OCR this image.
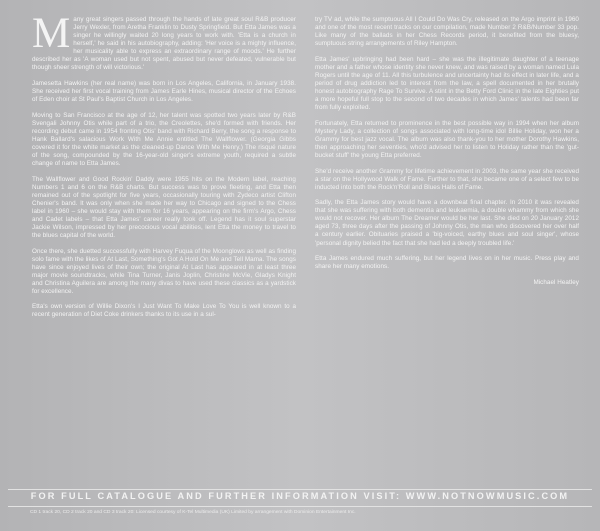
Many great singers passed through the hands of late great soul R&B producer Jerry Wexler, from Aretha Franklin to Dusty Springfield. But Etta James was a singer he willingly waited 20 long years to work with. 'Etta is a church in herself,' he said in his autobiography, adding: 'Her voice is a mighty influence, her musicality able to express an extraordinary range of moods.' He further described her as 'A woman used but not spent, abused but never defeated, vulnerable but though sheer strength of will victorious.'

Jamesetta Hawkins (her real name) was born in Los Angeles, California, in January 1938. She received her first vocal training from James Earle Hines, musical director of the Echoes of Eden choir at St Paul's Baptist Church in Los Angeles.

Moving to San Francisco at the age of 12, her talent was spotted two years later by R&B Svengali Johnny Otis while part of a trio, the Creolettes, she'd formed with friends. Her recording debut came in 1954 fronting Otis' band with Richard Berry, the song a response to Hank Ballard's salacious Work With Me Annie entitled The Wallflower. (Georgia Gibbs covered it for the white market as the cleaned-up Dance With Me Henry.) The risqué nature of the song, compounded by the 16-year-old singer's extreme youth, required a subtle change of name to Etta James.

The Wallflower and Good Rockin' Daddy were 1955 hits on the Modern label, reaching Numbers 1 and 6 on the R&B charts. But success was to prove fleeting, and Etta then remained out of the spotlight for five years, occasionally touring with Zydeco artist Clifton Chenier's band. It was only when she made her way to Chicago and signed to the Chess label in 1960 – she would stay with them for 16 years, appearing on the firm's Argo, Chess and Cadet labels – that Etta James' career really took off. Legend has it soul superstar Jackie Wilson, impressed by her precocious vocal abilities, lent Etta the money to travel to the blues capital of the world.

Once there, she duetted successfully with Harvey Fuqua of the Moonglows as well as finding solo fame with the likes of At Last, Something's Got A Hold On Me and Tell Mama. The songs have since enjoyed lives of their own; the original At Last has appeared in at least three major movie soundtracks, while Tina Turner, Janis Joplin, Christine McVie, Gladys Knight and Christina Aguilera are among the many divas to have used these classics as a yardstick for excellence.

Etta's own version of Willie Dixon's I Just Want To Make Love To You is well known to a recent generation of Diet Coke drinkers thanks to its use in a sul-

try TV ad, while the sumptuous All I Could Do Was Cry, released on the Argo imprint in 1960 and one of the most recent tracks on our compilation, made Number 2 R&B/Number 33 pop. Like many of the ballads in her Chess Records period, it benefited from the bluesy, sumptuous string arrangements of Riley Hampton.

Etta James' upbringing had been hard – she was the illegitimate daughter of a teenage mother and a father whose identity she never knew, and was raised by a woman named Lula Rogers until the age of 11. All this turbulence and uncertainty had its effect in later life, and a period of drug addiction led to interest from the law, a spell documented in her brutally honest autobiography Rage To Survive. A stint in the Betty Ford Clinic in the late Eighties put a more hopeful full stop to the second of two decades in which James' talents had been far from fully exploited.

Fortunately, Etta returned to prominence in the best possible way in 1994 when her album Mystery Lady, a collection of songs associated with long-time idol Billie Holiday, won her a Grammy for best jazz vocal. The album was also thank-you to her mother Dorothy Hawkins, then approaching her seventies, who'd advised her to listen to Holiday rather than the 'gut-bucket stuff' the young Etta preferred.

She'd receive another Grammy for lifetime achievement in 2003, the same year she received a star on the Hollywood Walk of Fame. Further to that, she became one of a select few to be inducted into both the Rock'n'Roll and Blues Halls of Fame.

Sadly, the Etta James story would have a downbeat final chapter. In 2010 it was revealed that she was suffering with both dementia and leukaemia, a double whammy from which she would not recover. Her album The Dreamer would be her last. She died on 20 January 2012 aged 73, three days after the passing of Johnny Otis, the man who discovered her over half a century earlier. Obituaries praised a 'big-voiced, earthy blues and soul singer', whose 'personal dignity belied the fact that she had led a deeply troubled life.'

Etta James endured much suffering, but her legend lives on in her music. Press play and share her many emotions.

Michael Heatley
FOR FULL CATALOGUE AND FURTHER INFORMATION VISIT: WWW.NOTNOWMUSIC.COM
CD 1 track 20, CD 2 track 20 and CD 3 track 20: Licensed courtesy of K-Tel Multimedia (UK) Limited by arrangement with Dominion Entertainment Inc.
